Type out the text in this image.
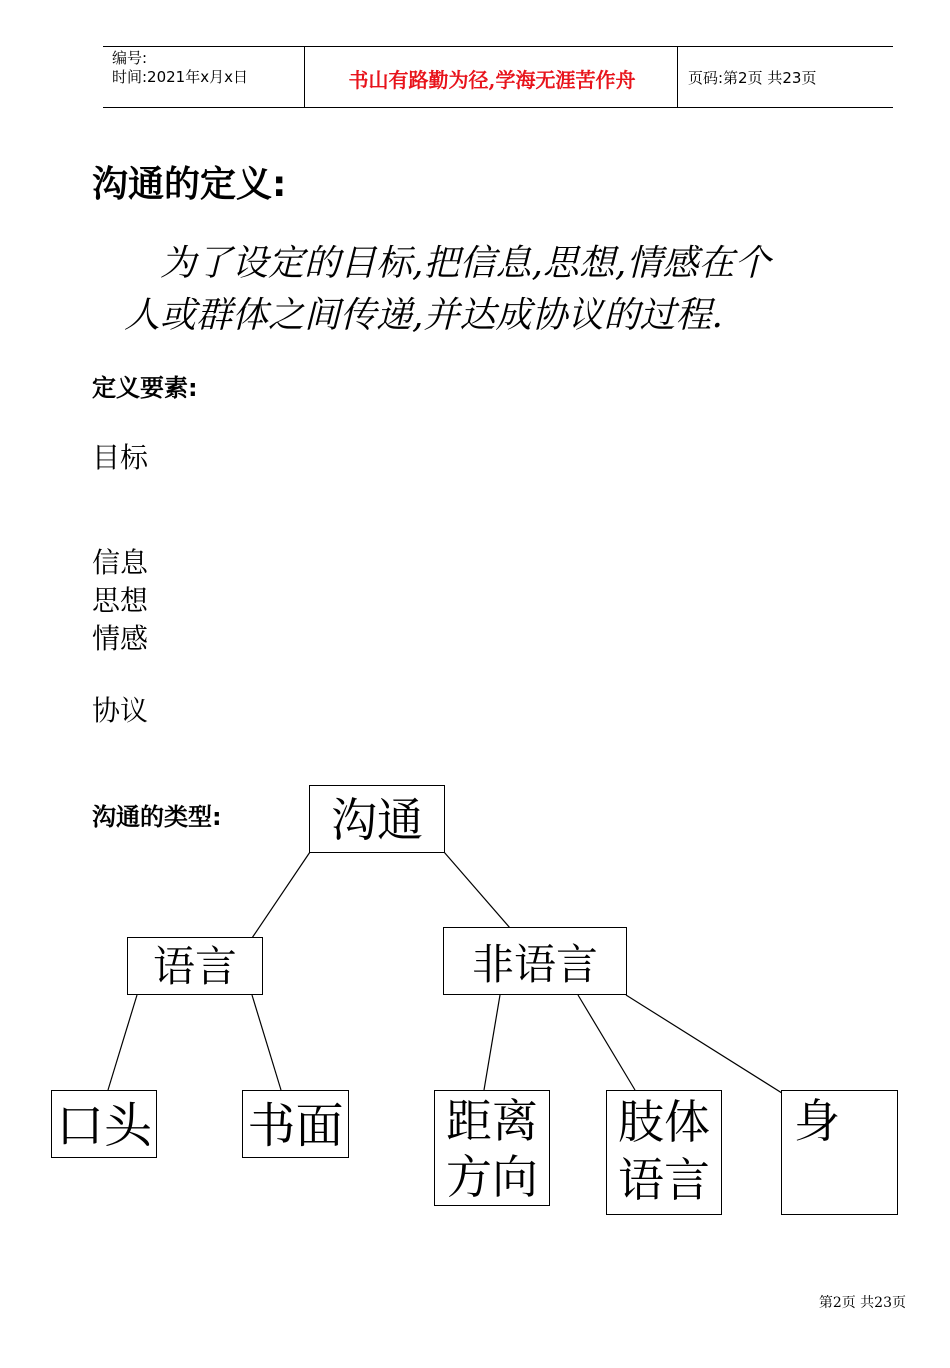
编号:
时间:2021年x月x日	书山有路勤为径,学海无涯苦作舟	页码:第2页 共23页
沟通的定义:
为了设定的目标,把信息,思想,情感在个
人或群体之间传递,并达成协议的过程.
定义要素:
目标
信息
思想
情感
协议
沟通的类型:	沟通
语言	非语言
口头 书面 距离
方向
肢体
语言
身
第2页 共23页
